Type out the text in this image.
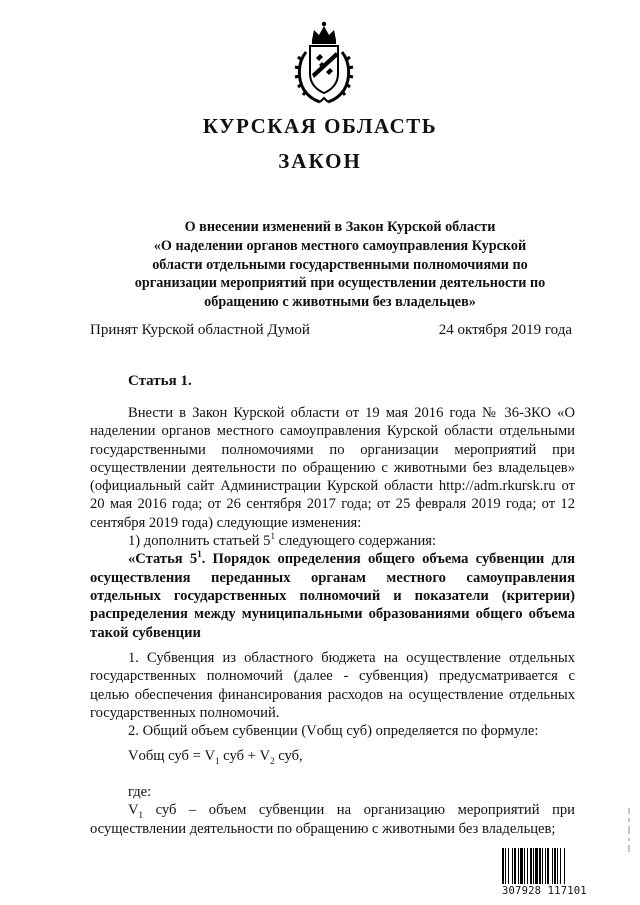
КУРСКАЯ ОБЛАСТЬ
ЗАКОН
О внесении изменений в Закон Курской области
«О наделении органов местного самоуправления Курской
области отдельными государственными полномочиями по
организации мероприятий при осуществлении деятельности по
обращению с животными без владельцев»
Принят Курской областной Думой	24 октября 2019 года
Статья 1.

Внести в Закон Курской области от 19 мая 2016 года № 36-ЗКО «О наделении органов местного самоуправления Курской области отдельными государственными полномочиями по организации мероприятий при осуществлении деятельности по обращению с животными без владельцев» (официальный сайт Администрации Курской области http://adm.rkursk.ru от 20 мая 2016 года; от 26 сентября 2017 года; от 25 февраля 2019 года; от 12 сентября 2019 года) следующие изменения:

1) дополнить статьей $5^1$ следующего содержания:

«Статья $5^1$. Порядок определения общего объема субвенции для осуществления переданных органам местного самоуправления отдельных государственных полномочий и показатели (критерии) распределения между муниципальными образованиями общего объема такой субвенции

1. Субвенция из областного бюджета на осуществление отдельных государственных полномочий (далее - субвенция) предусматривается с целью обеспечения финансирования расходов на осуществление отдельных государственных полномочий.

2. Общий объем субвенции (Vобщ суб) определяется по формуле:

Vобщ суб = $V_1$ суб + $V_2$ суб,

где:

$V_1$ суб – объем субвенции на организацию мероприятий при осуществлении деятельности по обращению с животными без владельцев;

307928 117101
